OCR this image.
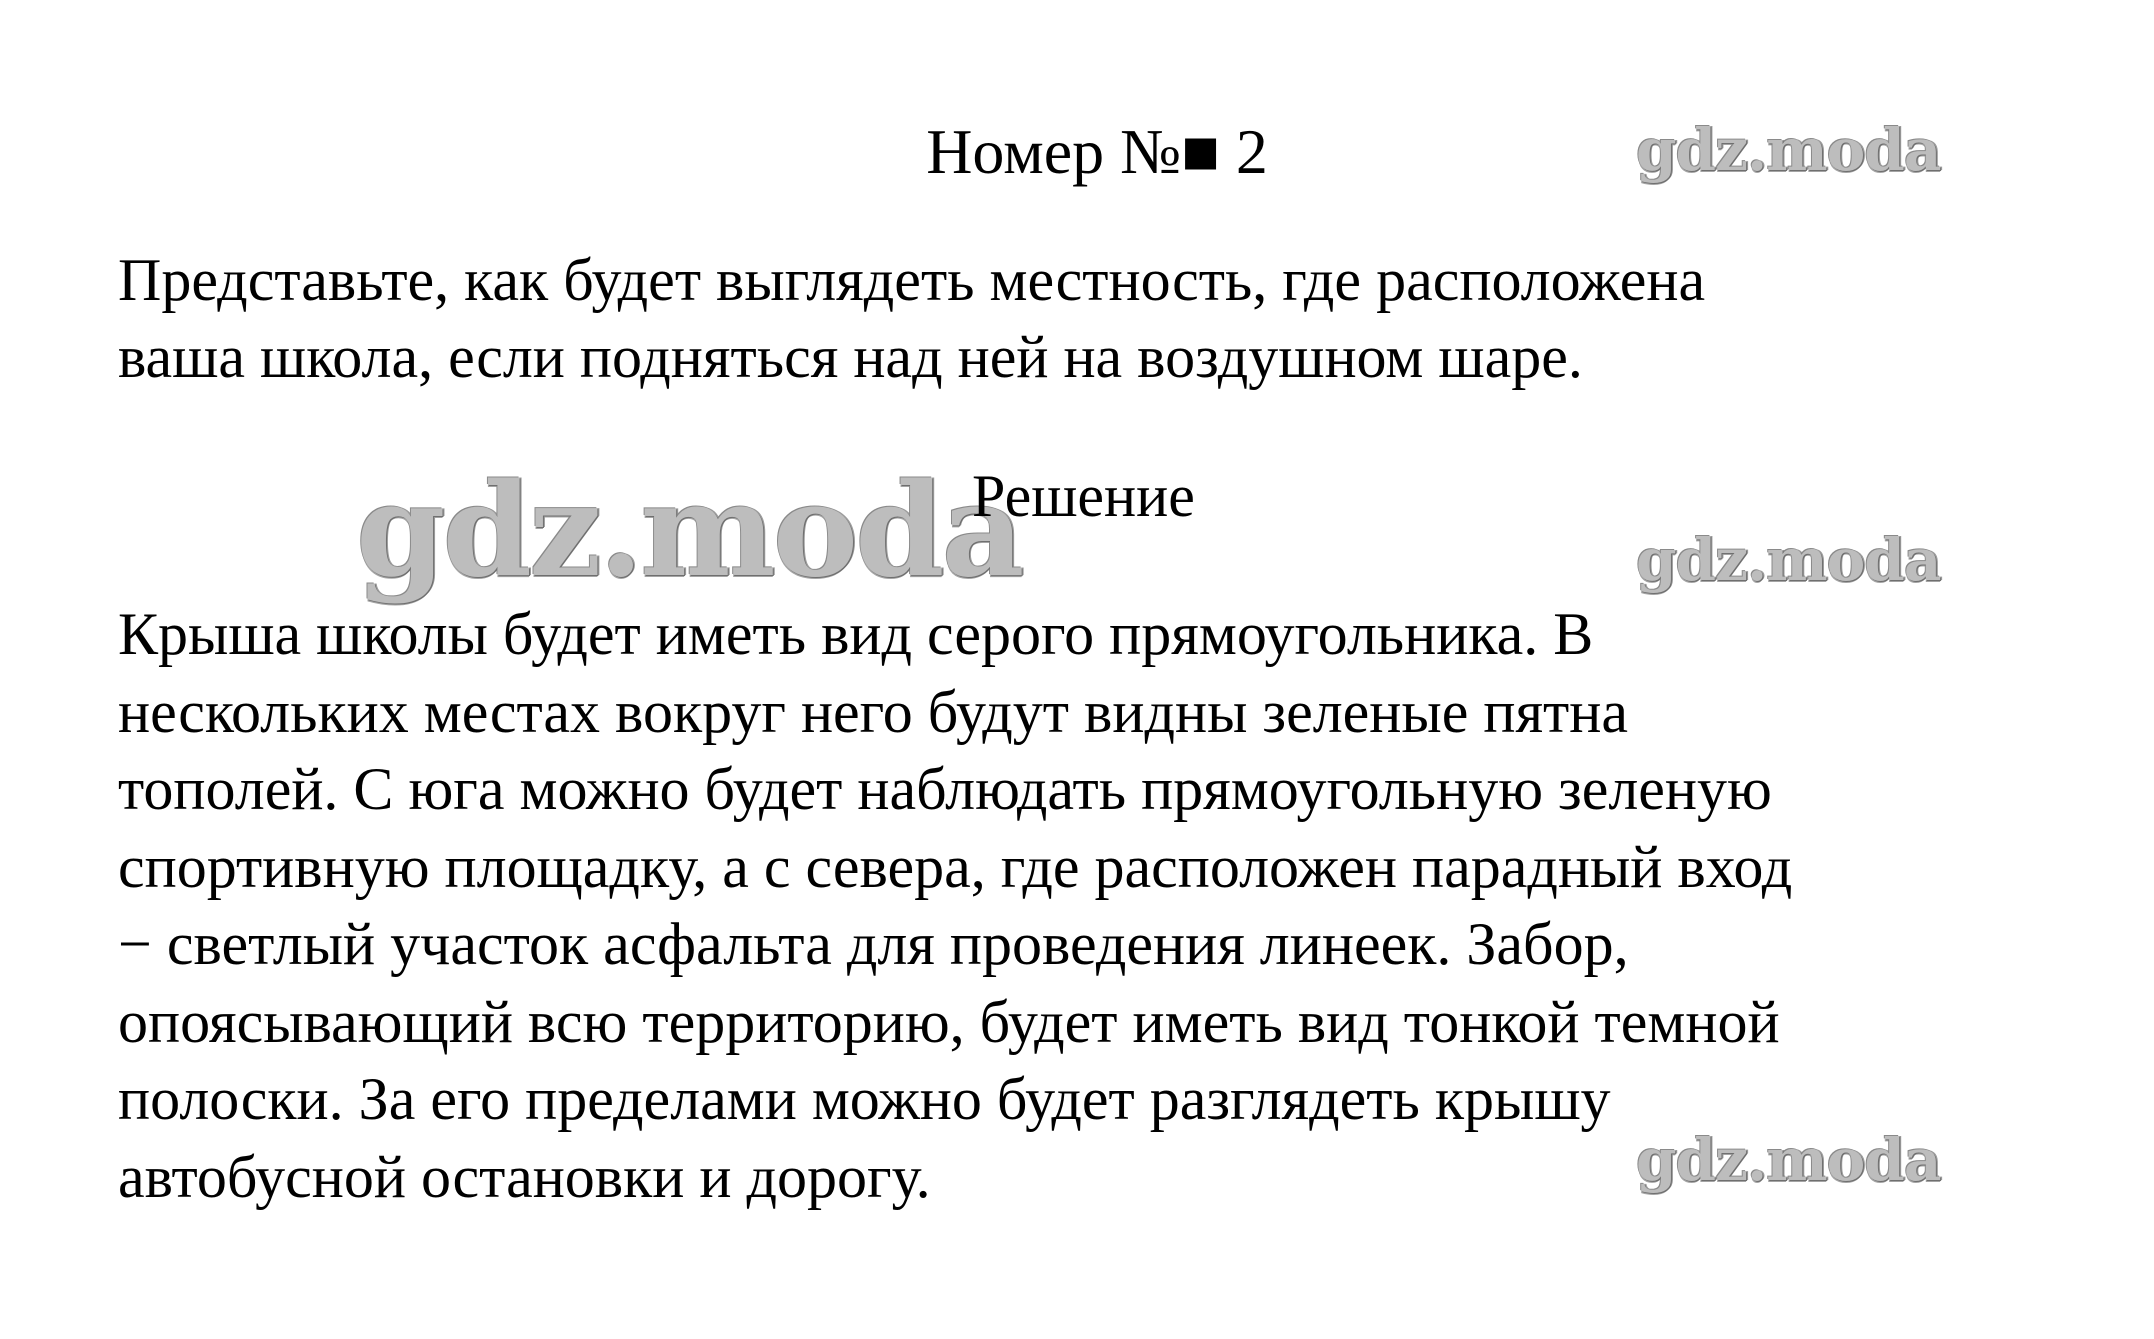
Номер №■ 2	gdz.moda

Представьте, как будет выглядеть местность, где расположена

ваша школа, если подняться над ней на воздушном шаре.

gdz.moda
Решение
gdz.moda

Крыша школы будет иметь вид серого прямоугольника. В

нескольких местах вокруг него будут видны зеленые пятна

тополей. С юга можно будет наблюдать прямоугольную зеленую

спортивную площадку, а с севера, где расположен парадный вход

− светлый участок асфальта для проведения линеек. Забор,

опоясывающий всю территорию, будет иметь вид тонкой темной

полоски. За его пределами можно будет разглядеть крышу

автобусной остановки и дорогу.	gdz.moda
